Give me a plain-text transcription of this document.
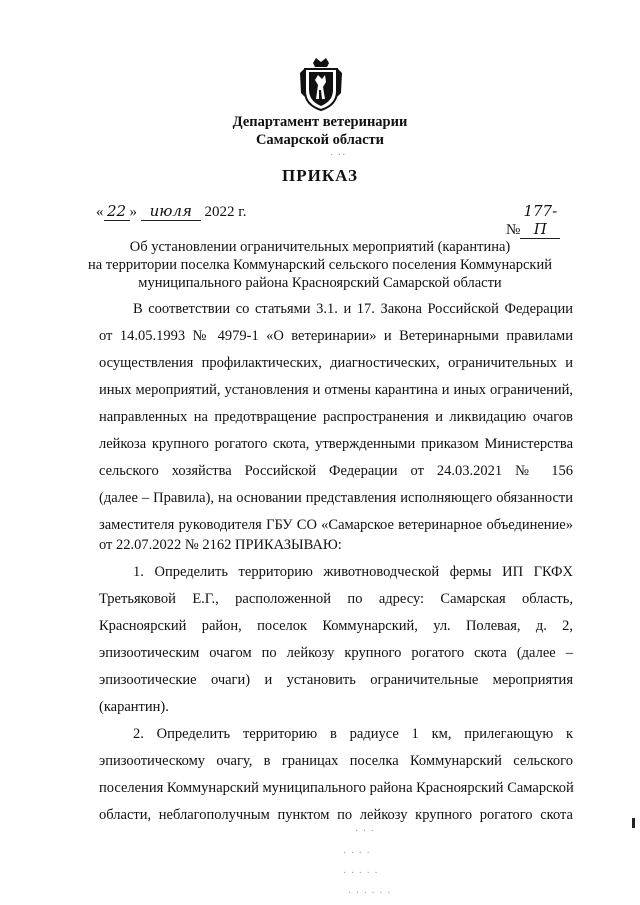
Департамент ветеринарии
Самарской области
· ··
ПРИКАЗ
« 22 » июля 2022 г.
№177-П
Об установлении ограничительных мероприятий (карантина)
на территории поселка Коммунарский сельского поселения Коммунарский
муниципального района Красноярский Самарской области
В соответствии со статьями 3.1. и 17. Закона Российской Федерации
от 14.05.1993 № 4979-1 «О ветеринарии» и Ветеринарными правилами
осуществления профилактических, диагностических, ограничительных и
иных мероприятий, установления и отмены карантина и иных ограничений,
направленных на предотвращение распространения и ликвидацию очагов
лейкоза крупного рогатого скота, утвержденными приказом Министерства
сельского хозяйства Российской Федерации от 24.03.2021 № 156
(далее – Правила), на основании представления исполняющего обязанности
заместителя руководителя ГБУ СО «Самарское ветеринарное объединение»
от 22.07.2022 № 2162 ПРИКАЗЫВАЮ:
1. Определить территорию животноводческой фермы ИП ГКФХ
Третьяковой Е.Г., расположенной по адресу: Самарская область,
Красноярский район, поселок Коммунарский, ул. Полевая, д. 2,
эпизоотическим очагом по лейкозу крупного рогатого скота (далее –
эпизоотические очаги) и установить ограничительные мероприятия
(карантин).
2. Определить территорию в радиусе 1 км, прилегающую к
эпизоотическому очагу, в границах поселка Коммунарский сельского
поселения Коммунарский муниципального района Красноярский Самарской
области, неблагополучным пунктом по лейкозу крупного рогатого скота
· · ·
· · · ·
· · · · ·
· · · · · ·
